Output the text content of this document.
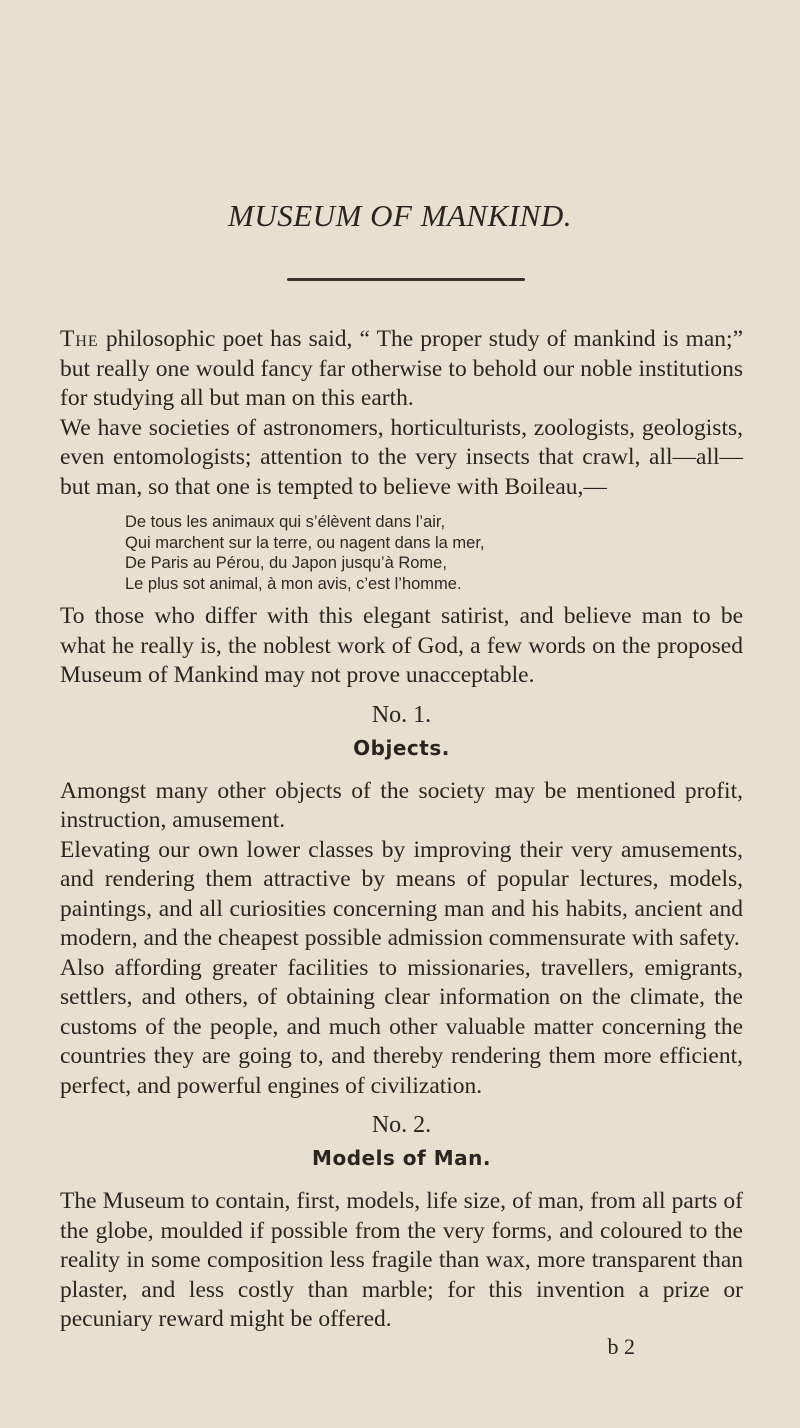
MUSEUM OF MANKIND.

The philosophic poet has said, “ The proper study of mankind is man;” but really one would fancy far otherwise to behold our noble institutions for studying all but man on this earth.

We have societies of astronomers, horticulturists, zoologists, geologists, even entomologists; attention to the very insects that crawl, all—all—but man, so that one is tempted to believe with Boileau,—

De tous les animaux qui s’élèvent dans l’air,
Qui marchent sur la terre, ou nagent dans la mer,
De Paris au Pérou, du Japon jusqu’à Rome,
Le plus sot animal, à mon avis, c’est l’homme.

To those who differ with this elegant satirist, and believe man to be what he really is, the noblest work of God, a few words on the proposed Museum of Mankind may not prove unacceptable.

No. 1.
Objects.

Amongst many other objects of the society may be mentioned profit, instruction, amusement.

Elevating our own lower classes by improving their very amusements, and rendering them attractive by means of popular lectures, models, paintings, and all curiosities concerning man and his habits, ancient and modern, and the cheapest possible admission commensurate with safety.

Also affording greater facilities to missionaries, travellers, emigrants, settlers, and others, of obtaining clear information on the climate, the customs of the people, and much other valuable matter concerning the countries they are going to, and thereby rendering them more efficient, perfect, and powerful engines of civilization.

No. 2.
Models of Man.

The Museum to contain, first, models, life size, of man, from all parts of the globe, moulded if possible from the very forms, and coloured to the reality in some composition less fragile than wax, more transparent than plaster, and less costly than marble; for this invention a prize or pecuniary reward might be offered.

b 2
